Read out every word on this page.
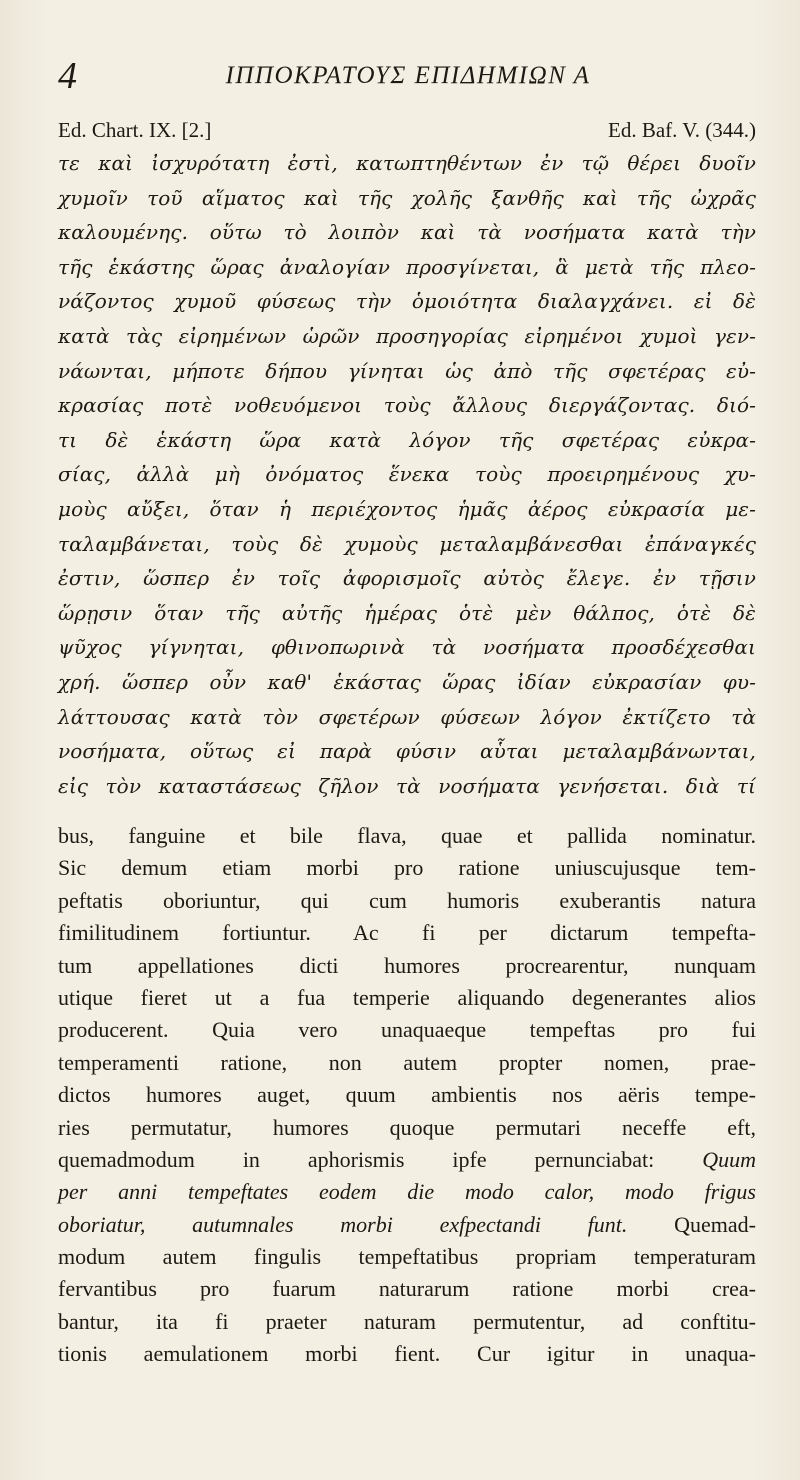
4	ΙΠΠΟΚΡΑΤΟΥΣ ΕΠΙΔΗΜΙΩΝ Α
Ed. Chart. IX. [2.]	Ed. Baf. V. (344.)
τε καὶ ἰσχυρότατη ἐστὶ, κατωπτηθέντων ἐν τῷ θέρει δυοῖν
χυμοῖν τοῦ αἵματος καὶ τῆς χολῆς ξανθῆς καὶ τῆς ὠχρᾶς
καλουμένης. οὕτω τὸ λοιπὸν καὶ τὰ νοσήματα κατὰ τὴν
τῆς ἑκάστης ὥρας ἀναλογίαν προσγίνεται, ἃ μετὰ τῆς πλεο-
νάζοντος χυμοῦ φύσεως τὴν ὁμοιότητα διαλαγχάνει. εἰ δὲ
κατὰ τὰς εἰρημένων ὡρῶν προσηγορίας εἰρημένοι χυμοὶ γεν-
νάωνται, μήποτε δήπου γίνηται ὡς ἀπὸ τῆς σφετέρας εὐ-
κρασίας ποτὲ νοθευόμενοι τοὺς ἄλλους διεργάζοντας. διό-
τι δὲ ἑκάστη ὥρα κατὰ λόγον τῆς σφετέρας εὐκρα-
σίας, ἀλλὰ μὴ ὀνόματος ἕνεκα τοὺς προειρημένους χυ-
μοὺς αὔξει, ὅταν ἡ περιέχοντος ἡμᾶς ἀέρος εὐκρασία με-
ταλαμβάνεται, τοὺς δὲ χυμοὺς μεταλαμβάνεσθαι ἐπάναγκές
ἐστιν, ὥσπερ ἐν τοῖς ἀφορισμοῖς αὐτὸς ἔλεγε. ἐν τῇσιν
ὥρῃσιν ὅταν τῆς αὐτῆς ἡμέρας ὁτὲ μὲν θάλπος, ὁτὲ δὲ
ψῦχος γίγνηται, φθινοπωρινὰ τὰ νοσήματα προσδέχεσθαι
χρή. ὥσπερ οὖν καθ' ἑκάστας ὥρας ἰδίαν εὐκρασίαν φυ-
λάττουσας κατὰ τὸν σφετέρων φύσεων λόγον ἐκτίζετο τὰ
νοσήματα, οὕτως εἰ παρὰ φύσιν αὗται μεταλαμβάνωνται,
εἰς τὸν καταστάσεως ζῆλον τὰ νοσήματα γενήσεται. διὰ τί
bus, fanguine et bile flava, quae et pallida nominatur.
Sic demum etiam morbi pro ratione uniuscujusque tem-
peftatis oboriuntur, qui cum humoris exuberantis natura
fimilitudinem fortiuntur. Ac fi per dictarum tempefta-
tum appellationes dicti humores procrearentur, nunquam
utique fieret ut a fua temperie aliquando degenerantes alios
producerent. Quia vero unaquaeque tempeftas pro fui
temperamenti ratione, non autem propter nomen, prae-
dictos humores auget, quum ambientis nos aëris tempe-
ries permutatur, humores quoque permutari neceffe eft,
quemadmodum in aphorismis ipfe pernunciabat: Quum
per anni tempeftates eodem die modo calor, modo frigus
oboriatur, autumnales morbi exfpectandi funt. Quemad-
modum autem fingulis tempeftatibus propriam temperaturam
fervantibus pro fuarum naturarum ratione morbi crea-
bantur, ita fi praeter naturam permutentur, ad conftitu-
tionis aemulationem morbi fient. Cur igitur in unaqua-
